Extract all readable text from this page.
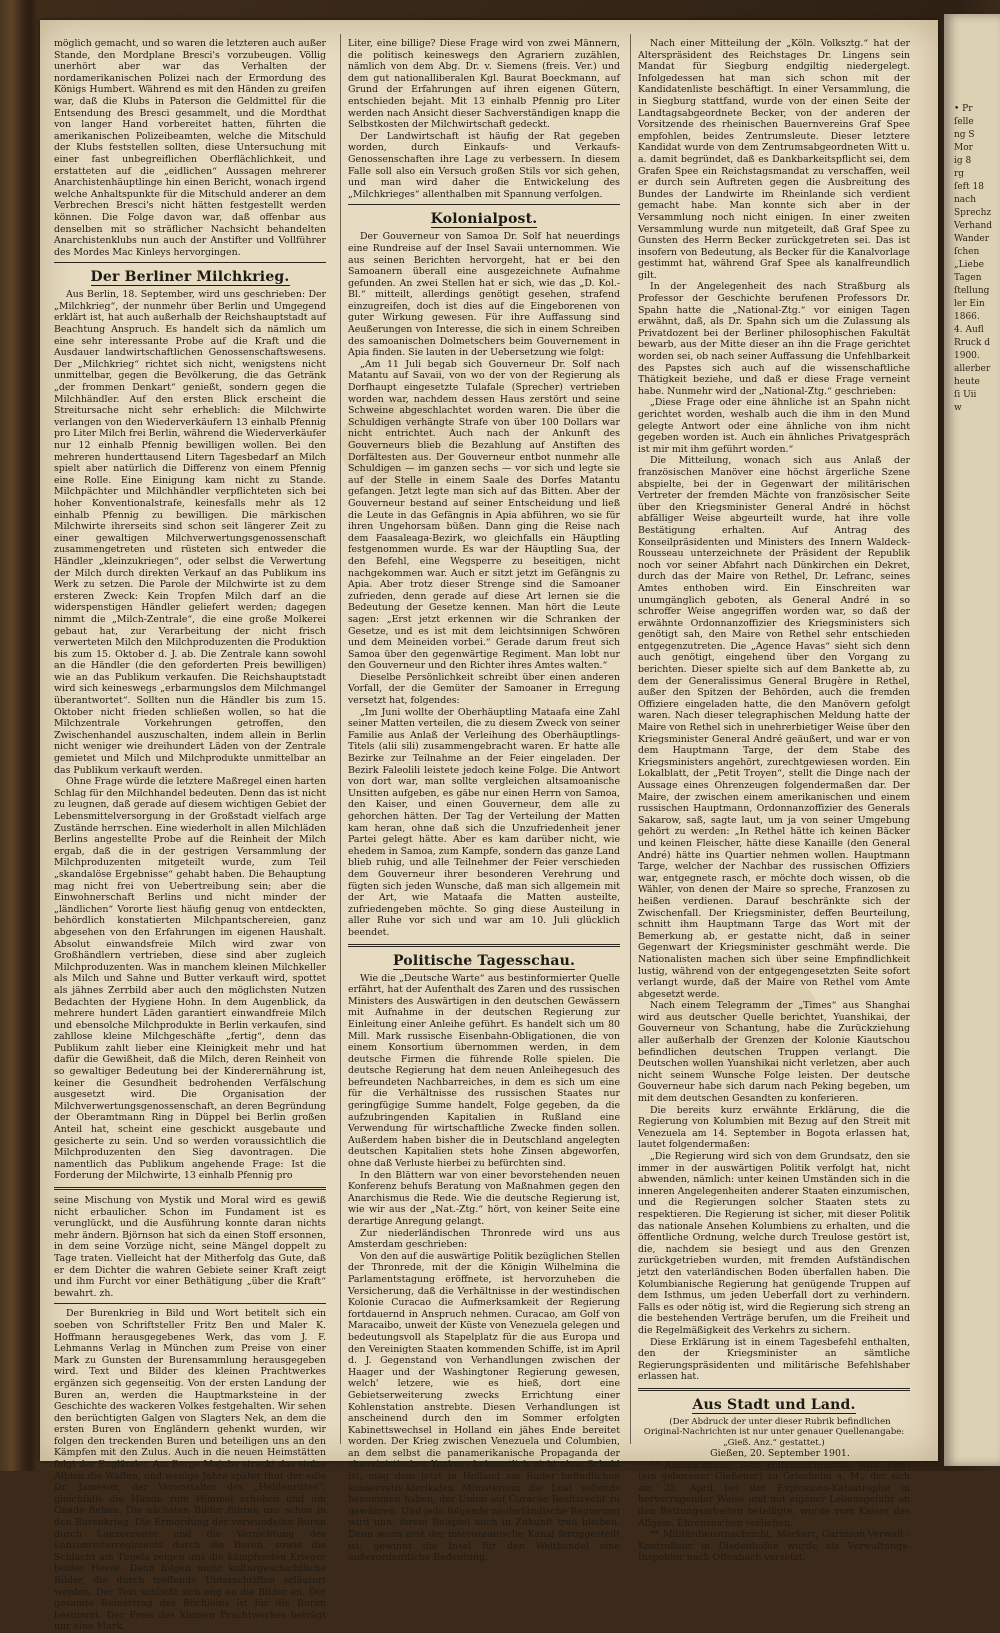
möglich gemacht, und so waren die letzteren auch außer Stande, den Mordplane Bresci's vorzubeugen. Völlig unerhört aber war das Verhalten der nordamerikanischen Polizei nach der Ermordung des Königs Humbert. Während es mit den Händen zu greifen war, daß die Klubs in Paterson die Geldmittel für die Entsendung des Bresci gesammelt, und die Mordthat von langer Hand vorbereitet hatten, führten die amerikanischen Polizeibeamten, welche die Mitschuld der Klubs feststellen sollten, diese Untersuchung mit einer fast unbegreiflichen Oberflächlichkeit, und erstatteten auf die „eidlichen“ Aussagen mehrerer Anarchistenhäuptlinge hin einen Bericht, wonach irgend welche Anhaltspunkte für die Mitschuld anderer an dem Verbrechen Bresci's nicht hätten festgestellt werden können. Die Folge davon war, daß offenbar aus denselben mit so sträflicher Nachsicht behandelten Anarchistenklubs nun auch der Anstifter und Vollführer des Mordes Mac Kinleys hervorgingen.

Der Berliner Milchkrieg.

Aus Berlin, 18. September, wird uns geschrieben: Der „Milchkrieg“, der nunmehr über Berlin und Umgegend erklärt ist, hat auch außerhalb der Reichshauptstadt auf Beachtung Anspruch. Es handelt sich da nämlich um eine sehr interessante Probe auf die Kraft und die Ausdauer landwirtschaftlichen Genossenschaftswesens. Der „Milchkrieg“ richtet sich nicht, wenigstens nicht unmittelbar, gegen die Bevölkerung, die das Getränk „der frommen Denkart“ genießt, sondern gegen die Milchhändler. Auf den ersten Blick erscheint die Streitursache nicht sehr erheblich: die Milchwirte verlangen von den Wiederverkäufern 13 einhalb Pfennig pro Liter Milch frei Berlin, während die Wiederverkäufer nur 12 einhalb Pfennig bewilligen wollen. Bei den mehreren hunderttausend Litern Tagesbedarf an Milch spielt aber natürlich die Differenz von einem Pfennig eine Rolle. Eine Einigung kam nicht zu Stande. Milchpächter und Milchhändler verpflichteten sich bei hoher Konventionalstrafe, keinesfalls mehr als 12 einhalb Pfennig zu bewilligen. Die märkischen Milchwirte ihrerseits sind schon seit längerer Zeit zu einer gewaltigen Milchverwertungsgenossenschaft zusammengetreten und rüsteten sich entweder die Händler „kleinzukriegen“, oder selbst die Verwertung der Milch durch direkten Verkauf an das Publikum ins Werk zu setzen. Die Parole der Milchwirte ist zu dem ersteren Zweck: Kein Tropfen Milch darf an die widerspenstigen Händler geliefert werden; dagegen nimmt die „Milch-Zentrale“, die eine große Molkerei gebaut hat, zur Verarbeitung der nicht frisch verwerteten Milch den Milchproduzenten die Produktion bis zum 15. Oktober d. J. ab. Die Zentrale kann sowohl an die Händler (die den geforderten Preis bewilligen) wie an das Publikum verkaufen. Die Reichshauptstadt wird sich keineswegs „erbarmungslos dem Milchmangel überantwortet“. Sollten nun die Händler bis zum 15. Oktober nicht frieden schließen wollen, so hat die Milchzentrale Vorkehrungen getroffen, den Zwischenhandel auszuschalten, indem allein in Berlin nicht weniger wie dreihundert Läden von der Zentrale gemietet und Milch und Milchprodukte unmittelbar an das Publikum verkauft werden.

Ohne Frage würde die letztere Maßregel einen harten Schlag für den Milchhandel bedeuten. Denn das ist nicht zu leugnen, daß gerade auf diesem wichtigen Gebiet der Lebensmittelversorgung in der Großstadt vielfach arge Zustände herrschen. Eine wiederholt in allen Milchläden Berlins angestellte Probe auf die Reinheit der Milch ergab, daß die in der gestrigen Versammlung der Milchproduzenten mitgeteilt wurde, zum Teil „skandalöse Ergebnisse“ gehabt haben. Die Behauptung mag nicht frei von Uebertreibung sein; aber die Einwohnerschaft Berlins und nicht minder der „ländlichen“ Vororte liest häufig genug von entdeckten, behördlich konstatierten Milchpantschereien, ganz abgesehen von den Erfahrungen im eigenen Haushalt. Absolut einwandsfreie Milch wird zwar von Großhändlern vertrieben, diese sind aber zugleich Milchproduzenten. Was in manchem kleinen Milchkeller als Milch und Sahne und Butter verkauft wird, spottet als jähnes Zerrbild aber auch den möglichsten Nutzen Bedachten der Hygiene Hohn. In dem Augenblick, da mehrere hundert Läden garantiert einwandfreie Milch und ebensolche Milchprodukte in Berlin verkaufen, sind zahllose kleine Milchgeschäfte „fertig“, denn das Publikum zahlt lieber eine Kleinigkeit mehr und hat dafür die Gewißheit, daß die Milch, deren Reinheit von so gewaltiger Bedeutung bei der Kinderernährung ist, keiner die Gesundheit bedrohenden Verfälschung ausgesetzt wird. Die Organisation der Milchverwertungsgenossenschaft, an deren Begründung der Oberamtmann Ring in Düppel bei Berlin großen Anteil hat, scheint eine geschickt ausgebaute und gesicherte zu sein. Und so werden voraussichtlich die Milchproduzenten den Sieg davontragen. Die namentlich das Publikum angehende Frage: Ist die Forderung der Milchwirte, 13 einhalb Pfennig pro

seine Mischung von Mystik und Moral wird es gewiß nicht erbaulicher. Schon im Fundament ist es verunglückt, und die Ausführung konnte daran nichts mehr ändern. Björnson hat sich da einen Stoff ersonnen, in dem seine Vorzüge nicht, seine Mängel doppelt zu Tage traten. Vielleicht hat der Mitherfolg das Gute, daß er dem Dichter die wahren Gebiete seiner Kraft zeigt und ihm Furcht vor einer Bethätigung „über die Kraft“ bewahrt. zh.

Der Burenkrieg in Bild und Wort betitelt sich ein soeben von Schriftsteller Fritz Ben und Maler K. Hoffmann herausgegebenes Werk, das vom J. F. Lehmanns Verlag in München zum Preise von einer Mark zu Gunsten der Burensammlung herausgegeben wird. Text und Bilder des kleinen Prachtwerkes ergänzen sich gegenseitig. Von der ersten Landung der Buren an, werden die Hauptmarksteine in der Geschichte des wackeren Volkes festgehalten. Wir sehen den berüchtigten Galgen von Slagters Nek, an dem die ersten Buren von Engländern gehenkt wurden, wir folgen den treckenden Buren und beteiligen uns an den Kämpfen mit den Zulus. Auch in die neuen Heimstätten folgt der Engländer. Am Berge Majuba streckt das stolze Albion die Waffen, und wenige Jahre später thut der edle Dr. Jameson, der Veranstalter des „Heldenrittes“, gleichfalls die Hände zum Himmel erheben und um Gnade flehen. Die nächsten Bilder führen uns schon in den Burenkrieg. Die Ermordung der verwundeten Buren durch Lanzenreiter und die Vernichtung des Lanzenreiterregiments durch die Buren, sowie die Schlacht am Tugela zeigen uns die kämpfenden Krieger beider Heere. Dann folgen mehr kulturgeschichtliche Bilder, die durch treffende Unterschriften erläutert werden. Der Text schließt sich eng an die Bilder an. Der gesamte Reinertrag des Büchleins ist für die Buren bestimmt. Der Preis des kleinen Prachtwerkes beträgt nur eine Mark.

Liter, eine billige? Diese Frage wird von zwei Männern, die politisch keineswegs den Agrariern zuzählen, nämlich von dem Abg. Dr. v. Siemens (freis. Ver.) und dem gut nationalliberalen Kgl. Baurat Boeckmann, auf Grund der Erfahrungen auf ihren eigenen Gütern, entschieden bejaht. Mit 13 einhalb Pfennig pro Liter werden nach Ansicht dieser Sachverständigen knapp die Selbstkosten der Milchwirtschaft gedeckt.

Der Landwirtschaft ist häufig der Rat gegeben worden, durch Einkaufs- und Verkaufs-Genossenschaften ihre Lage zu verbessern. In diesem Falle soll also ein Versuch großen Stils vor sich gehen, und man wird daher die Entwickelung des „Milchkrieges“ allenthalben mit Spannung verfolgen.

Kolonialpost.

Der Gouverneur von Samoa Dr. Solf hat neuerdings eine Rundreise auf der Insel Savaii unternommen. Wie aus seinen Berichten hervorgeht, hat er bei den Samoanern überall eine ausgezeichnete Aufnahme gefunden. An zwei Stellen hat er sich, wie das „D. Kol.-Bl.“ mitteilt, allerdings genötigt gesehen, strafend einzugreifen, doch ist dies auf die Eingeborenen von guter Wirkung gewesen. Für ihre Auffassung sind Aeußerungen von Interesse, die sich in einem Schreiben des samoanischen Dolmetschers beim Gouvernement in Apia finden. Sie lauten in der Uebersetzung wie folgt:

„Am 11 Juli begab sich Gouverneur Dr. Solf nach Matantu auf Savaii, von wo der von der Regierung als Dorfhaupt eingesetzte Tulafale (Sprecher) vertrieben worden war, nachdem dessen Haus zerstört und seine Schweine abgeschlachtet worden waren. Die über die Schuldigen verhängte Strafe von über 100 Dollars war nicht entrichtet. Auch nach der Ankunft des Gouverneurs blieb die Bezahlung auf Anstiften des Dorfältesten aus. Der Gouverneur entbot nunmehr alle Schuldigen — im ganzen sechs — vor sich und legte sie auf der Stelle in einem Saale des Dorfes Matantu gefangen. Jetzt legte man sich auf das Bitten. Aber der Gouverneur bestand auf seiner Entscheidung und ließ die Leute in das Gefängnis in Apia abführen, wo sie für ihren Ungehorsam büßen. Dann ging die Reise nach dem Faasaleaga-Bezirk, wo gleichfalls ein Häuptling festgenommen wurde. Es war der Häuptling Sua, der den Befehl, eine Wegsperre zu beseitigen, nicht nachgekommen war. Auch er sitzt jetzt im Gefängnis zu Apia. Aber trotz dieser Strenge sind die Samoaner zufrieden, denn gerade auf diese Art lernen sie die Bedeutung der Gesetze kennen. Man hört die Leute sagen: „Erst jetzt erkennen wir die Schranken der Gesetze, und es ist mit dem leichtsinnigen Schwören und dem Meineiden vorbei.“ Gerade darum freut sich Samoa über den gegenwärtige Regiment. Man lobt nur den Gouverneur und den Richter ihres Amtes walten.“

Dieselbe Persönlichkeit schreibt über einen anderen Vorfall, der die Gemüter der Samoaner in Erregung versetzt hat, folgendes:

„Im Juni wollte der Oberhäuptling Mataafa eine Zahl seiner Matten verteilen, die zu diesem Zweck von seiner Familie aus Anlaß der Verleihung des Oberhäuptlings-Titels (alii sili) zusammengebracht waren. Er hatte alle Bezirke zur Teilnahme an der Feier eingeladen. Der Bezirk Faleolili leistete jedoch keine Folge. Die Antwort von dort war, man sollte vergleichen altsamoanische Unsitten aufgeben, es gäbe nur einen Herrn von Samoa, den Kaiser, und einen Gouverneur, dem alle zu gehorchen hätten. Der Tag der Verteilung der Matten kam heran, ohne daß sich die Unzufriedenheit jener Partei gelegt hätte. Aber es kam darüber nicht, wie ehedem in Samoa, zum Kampfe, sondern das ganze Land blieb ruhig, und alle Teilnehmer der Feier verschieden dem Gouverneur ihrer besonderen Verehrung und fügten sich jeden Wunsche, daß man sich allgemein mit der Art, wie Mataafa die Matten austeilte, zufriedengeben möchte. So ging diese Austeilung in aller Ruhe vor sich und war am 10. Juli glücklich beendet.

Politische Tagesschau.

Wie die „Deutsche Warte“ aus bestinformierter Quelle erfährt, hat der Aufenthalt des Zaren und des russischen Ministers des Auswärtigen in den deutschen Gewässern mit Aufnahme in der deutschen Regierung zur Einleitung einer Anleihe geführt. Es handelt sich um 80 Mill. Mark russische Eisenbahn-Obligationen, die von einem Konsortium übernommen werden, in dem deutsche Firmen die führende Rolle spielen. Die deutsche Regierung hat dem neuen Anleihegesuch des befreundeten Nachbarreiches, in dem es sich um eine für die Verhältnisse des russischen Staates nur geringfügige Summe handelt, Folge gegeben, da die aufzubringenden Kapitalien in Rußland eine Verwendung für wirtschaftliche Zwecke finden sollen. Außerdem haben bisher die in Deutschland angelegten deutschen Kapitalien stets hohe Zinsen abgeworfen, ohne daß Verluste hierbei zu befürchten sind.

In den Blättern war von einer bevorstehenden neuen Konferenz behufs Beratung von Maßnahmen gegen den Anarchismus die Rede. Wie die deutsche Regierung ist, wie wir aus der „Nat.-Ztg.“ hört, von keiner Seite eine derartige Anregung gelangt.

Zur niederländischen Thronrede wird uns aus Amsterdam geschrieben:

Von den auf die auswärtige Politik bezüglichen Stellen der Thronrede, mit der die Königin Wilhelmina die Parlamentstagung eröffnete, ist hervorzuheben die Versicherung, daß die Verhältnisse in der westindischen Kolonie Curacao die Aufmerksamkeit der Regierung fortdauernd in Anspruch nehmen. Curacao, am Golf von Maracaibo, unweit der Küste von Venezuela gelegen und bedeutungsvoll als Stapelplatz für die aus Europa und den Vereinigten Staaten kommenden Schiffe, ist im April d. J. Gegenstand von Verhandlungen zwischen der Haager und der Washingtoner Regierung gewesen, welch' letzere, wie es hieß, dort eine Gebietserweiterung zwecks Errichtung einer Kohlenstation anstrebte. Diesen Verhandlungen ist anscheinend durch den im Sommer erfolgten Kabinettswechsel in Holland ein jähes Ende bereitet worden. Der Krieg zwischen Venezuela und Columbien, an dem selbst die panamerikanische Propaganda der chauvinistischen Yankees bekanntlich nicht ohne Schuld ist, mag dem jetzt in Holland am Ruder befindlichen konservativ-klerikalen Ministerium die Lust vollends benommen haben, der Union auf Curacao Besitzrecht zu gewähren. Und jede folgende niederländische Regierung wird nun, ihrem Beispiel auch in Zukunft treu bleiben. Denn wenn erst der interozeanische Kanal fertiggestellt ist, gewinnt die Insel für den Welthandel eine außerordentliche Bedeutung.

Nach einer Mitteilung der „Köln. Volksztg.“ hat der Alterspräsident des Reichstages Dr. Lingens sein Mandat für Siegburg endgiltig niedergelegt. Infolgedessen hat man sich schon mit der Kandidatenliste beschäftigt. In einer Versammlung, die in Siegburg stattfand, wurde von der einen Seite der Landtagsabgeordnete Becker, von der anderen der Vorsitzende des rheinischen Bauernvereins Graf Spee empfohlen, beides Zentrumsleute. Dieser letztere Kandidat wurde von dem Zentrumsabgeordneten Witt u. a. damit begründet, daß es Dankbarkeitspflicht sei, dem Grafen Spee ein Reichstagsmandat zu verschaffen, weil er durch sein Auftreten gegen die Ausbreitung des Bundes der Landwirte im Rheinlande sich verdient gemacht habe. Man konnte sich aber in der Versammlung noch nicht einigen. In einer zweiten Versammlung wurde nun mitgeteilt, daß Graf Spee zu Gunsten des Herrn Becker zurückgetreten sei. Das ist insofern von Bedeutung, als Becker für die Kanalvorlage gestimmt hat, während Graf Spee als kanalfreundlich gilt.

In der Angelegenheit des nach Straßburg als Professor der Geschichte berufenen Professors Dr. Spahn hatte die „National-Ztg.“ vor einigen Tagen erwähnt, daß, als Dr. Spahn sich um die Zulassung als Privatdozent bei der Berliner philosophischen Fakultät bewarb, aus der Mitte dieser an ihn die Frage gerichtet worden sei, ob nach seiner Auffassung die Unfehlbarkeit des Papstes sich auch auf die wissenschaftliche Thätigkeit beziehe, und daß er diese Frage verneint habe. Nunmehr wird der „National-Ztg.“ geschrieben:

„Diese Frage oder eine ähnliche ist an Spahn nicht gerichtet worden, weshalb auch die ihm in den Mund gelegte Antwort oder eine ähnliche von ihm nicht gegeben worden ist. Auch ein ähnliches Privatgespräch ist mir mit ihm geführt worden.“

Die Mitteilung, wonach sich aus Anlaß der französischen Manöver eine höchst ärgerliche Szene abspielte, bei der in Gegenwart der militärischen Vertreter der fremden Mächte von französischer Seite über den Kriegsminister General André in höchst abfälliger Weise abgeurteilt wurde, hat ihre volle Bestätigung erhalten. Auf Antrag des Konseilpräsidenten und Ministers des Innern Waldeck-Rousseau unterzeichnete der Präsident der Republik noch vor seiner Abfahrt nach Dünkirchen ein Dekret, durch das der Maire von Rethel, Dr. Lefranc, seines Amtes enthoben wird. Ein Einschreiten war unumgänglich geboten, als General André in so schroffer Weise angegriffen worden war, so daß der erwähnte Ordonnanzoffizier des Kriegsministers sich genötigt sah, den Maire von Rethel sehr entschieden entgegenzutreten. Die „Agence Havas“ sieht sich denn auch genötigt, eingehend über den Vorgang zu berichten. Dieser spielte sich auf dem Bankette ab, zu dem der Generalissimus General Brugère in Rethel, außer den Spitzen der Behörden, auch die fremden Offiziere eingeladen hatte, die den Manövern gefolgt waren. Nach dieser telegraphischen Meldung hatte der Maire von Rethel sich in unehrerbietiger Weise über den Kriegsminister General André geäußert, und war er von dem Hauptmann Targe, der dem Stabe des Kriegsministers angehört, zurechtgewiesen worden. Ein Lokalblatt, der „Petit Troyen“, stellt die Dinge nach der Aussage eines Ohrenzeugen folgendermaßen dar. Der Maire, der zwischen einem amerikanischen und einem russischen Hauptmann, Ordonnanzoffizier des Generals Sakarow, saß, sagte laut, um ja von seiner Umgebung gehört zu werden: „In Rethel hätte ich keinen Bäcker und keinen Fleischer, hätte diese Kanaille (den General André) hätte ins Quartier nehmen wollen. Hauptmann Targe, welcher der Nachbar des russischen Offiziers war, entgegnete rasch, er möchte doch wissen, ob die Wähler, von denen der Maire so spreche, Franzosen zu heißen verdienen. Darauf beschränkte sich der Zwischenfall. Der Kriegsminister, deffen Beurteilung, schnitt ihm Hauptmann Targe das Wort mit der Bemerkung ab, er gestatte nicht, daß in seiner Gegenwart der Kriegsminister geschmäht werde. Die Nationalisten machen sich über seine Empfindlichkeit lustig, während von der entgegengesetzten Seite sofort verlangt wurde, daß der Maire von Rethel vom Amte abgesetzt werde.

Nach einem Telegramm der „Times“ aus Shanghai wird aus deutscher Quelle berichtet, Yuanshikai, der Gouverneur von Schantung, habe die Zurückziehung aller außerhalb der Grenzen der Kolonie Kiautschou befindlichen deutschen Truppen verlangt. Die Deutschen wollen Yuanshikai nicht verletzen, aber auch nicht seinem Wunsche Folge leisten. Der deutsche Gouverneur habe sich darum nach Peking begeben, um mit dem deutschen Gesandten zu konferieren.

Die bereits kurz erwähnte Erklärung, die die Regierung von Kolumbien mit Bezug auf den Streit mit Venezuela am 14. September in Bogota erlassen hat, lautet folgendermaßen:

„Die Regierung wird sich von dem Grundsatz, den sie immer in der auswärtigen Politik verfolgt hat, nicht abwenden, nämlich: unter keinen Umständen sich in die inneren Angelegenheiten anderer Staaten einzumischen, und die Regierungen solcher Staaten stets zu respektieren. Die Regierung ist sicher, mit dieser Politik das nationale Ansehen Kolumbiens zu erhalten, und die öffentliche Ordnung, welche durch Treulose gestört ist, die, nachdem sie besiegt und aus den Grenzen zurückgetrieben wurden, mit fremden Aufständischen jetzt den vaterländischen Boden überfallen haben. Die Kolumbianische Regierung hat genügende Truppen auf dem Isthmus, um jeden Ueberfall dort zu verhindern. Falls es oder nötig ist, wird die Regierung sich streng an die bestehenden Verträge berufen, um die Freiheit und die Regelmäßigkeit des Verkehrs zu sichern.

Diese Erklärung ist in einem Tagesbefehl enthalten, den der Kriegsminister an sämtliche Regierungspräsidenten und militärische Befehlshaber erlassen hat.

Aus Stadt und Land.

(Der Abdruck der unter dieser Rubrik befindlichen Original-Nachrichten ist nur unter genauer Quellenangabe: „Gieß. Anz.“ gestattet.)

Gießen, 20. September 1901.

** Auszeichnung. Dem Hilfsmaschinisten Wilh. Petri (ein geborener Gießener) zu Griesheim a. M., der sich am 25. April bei der Explosions-Katastrophe in hervorragender Weise und mit eigener Lebensgefahr an den Rettungsarbeiten beteiligte, wurde vom Kaiser das Allgem. Ehrenzeichen verliehen.

** Militärdienstnachricht. Markert, Garnison-Verwalt.-Kontrolleur in Diedenhofen wurde als Verwaltungs-Inspektor nach Offenbach versetzt.

• Pr
ſelle
ng S
Mor
ig 8
rg
ſeft 18
nach
Sprechz
Verhand
Wander
ſchen
„Liebe
Tagen
ſtellung
ler Ein
1866.
4. Aufl
Rruck d
1900.
allerber
heute
ſi Uii
w
